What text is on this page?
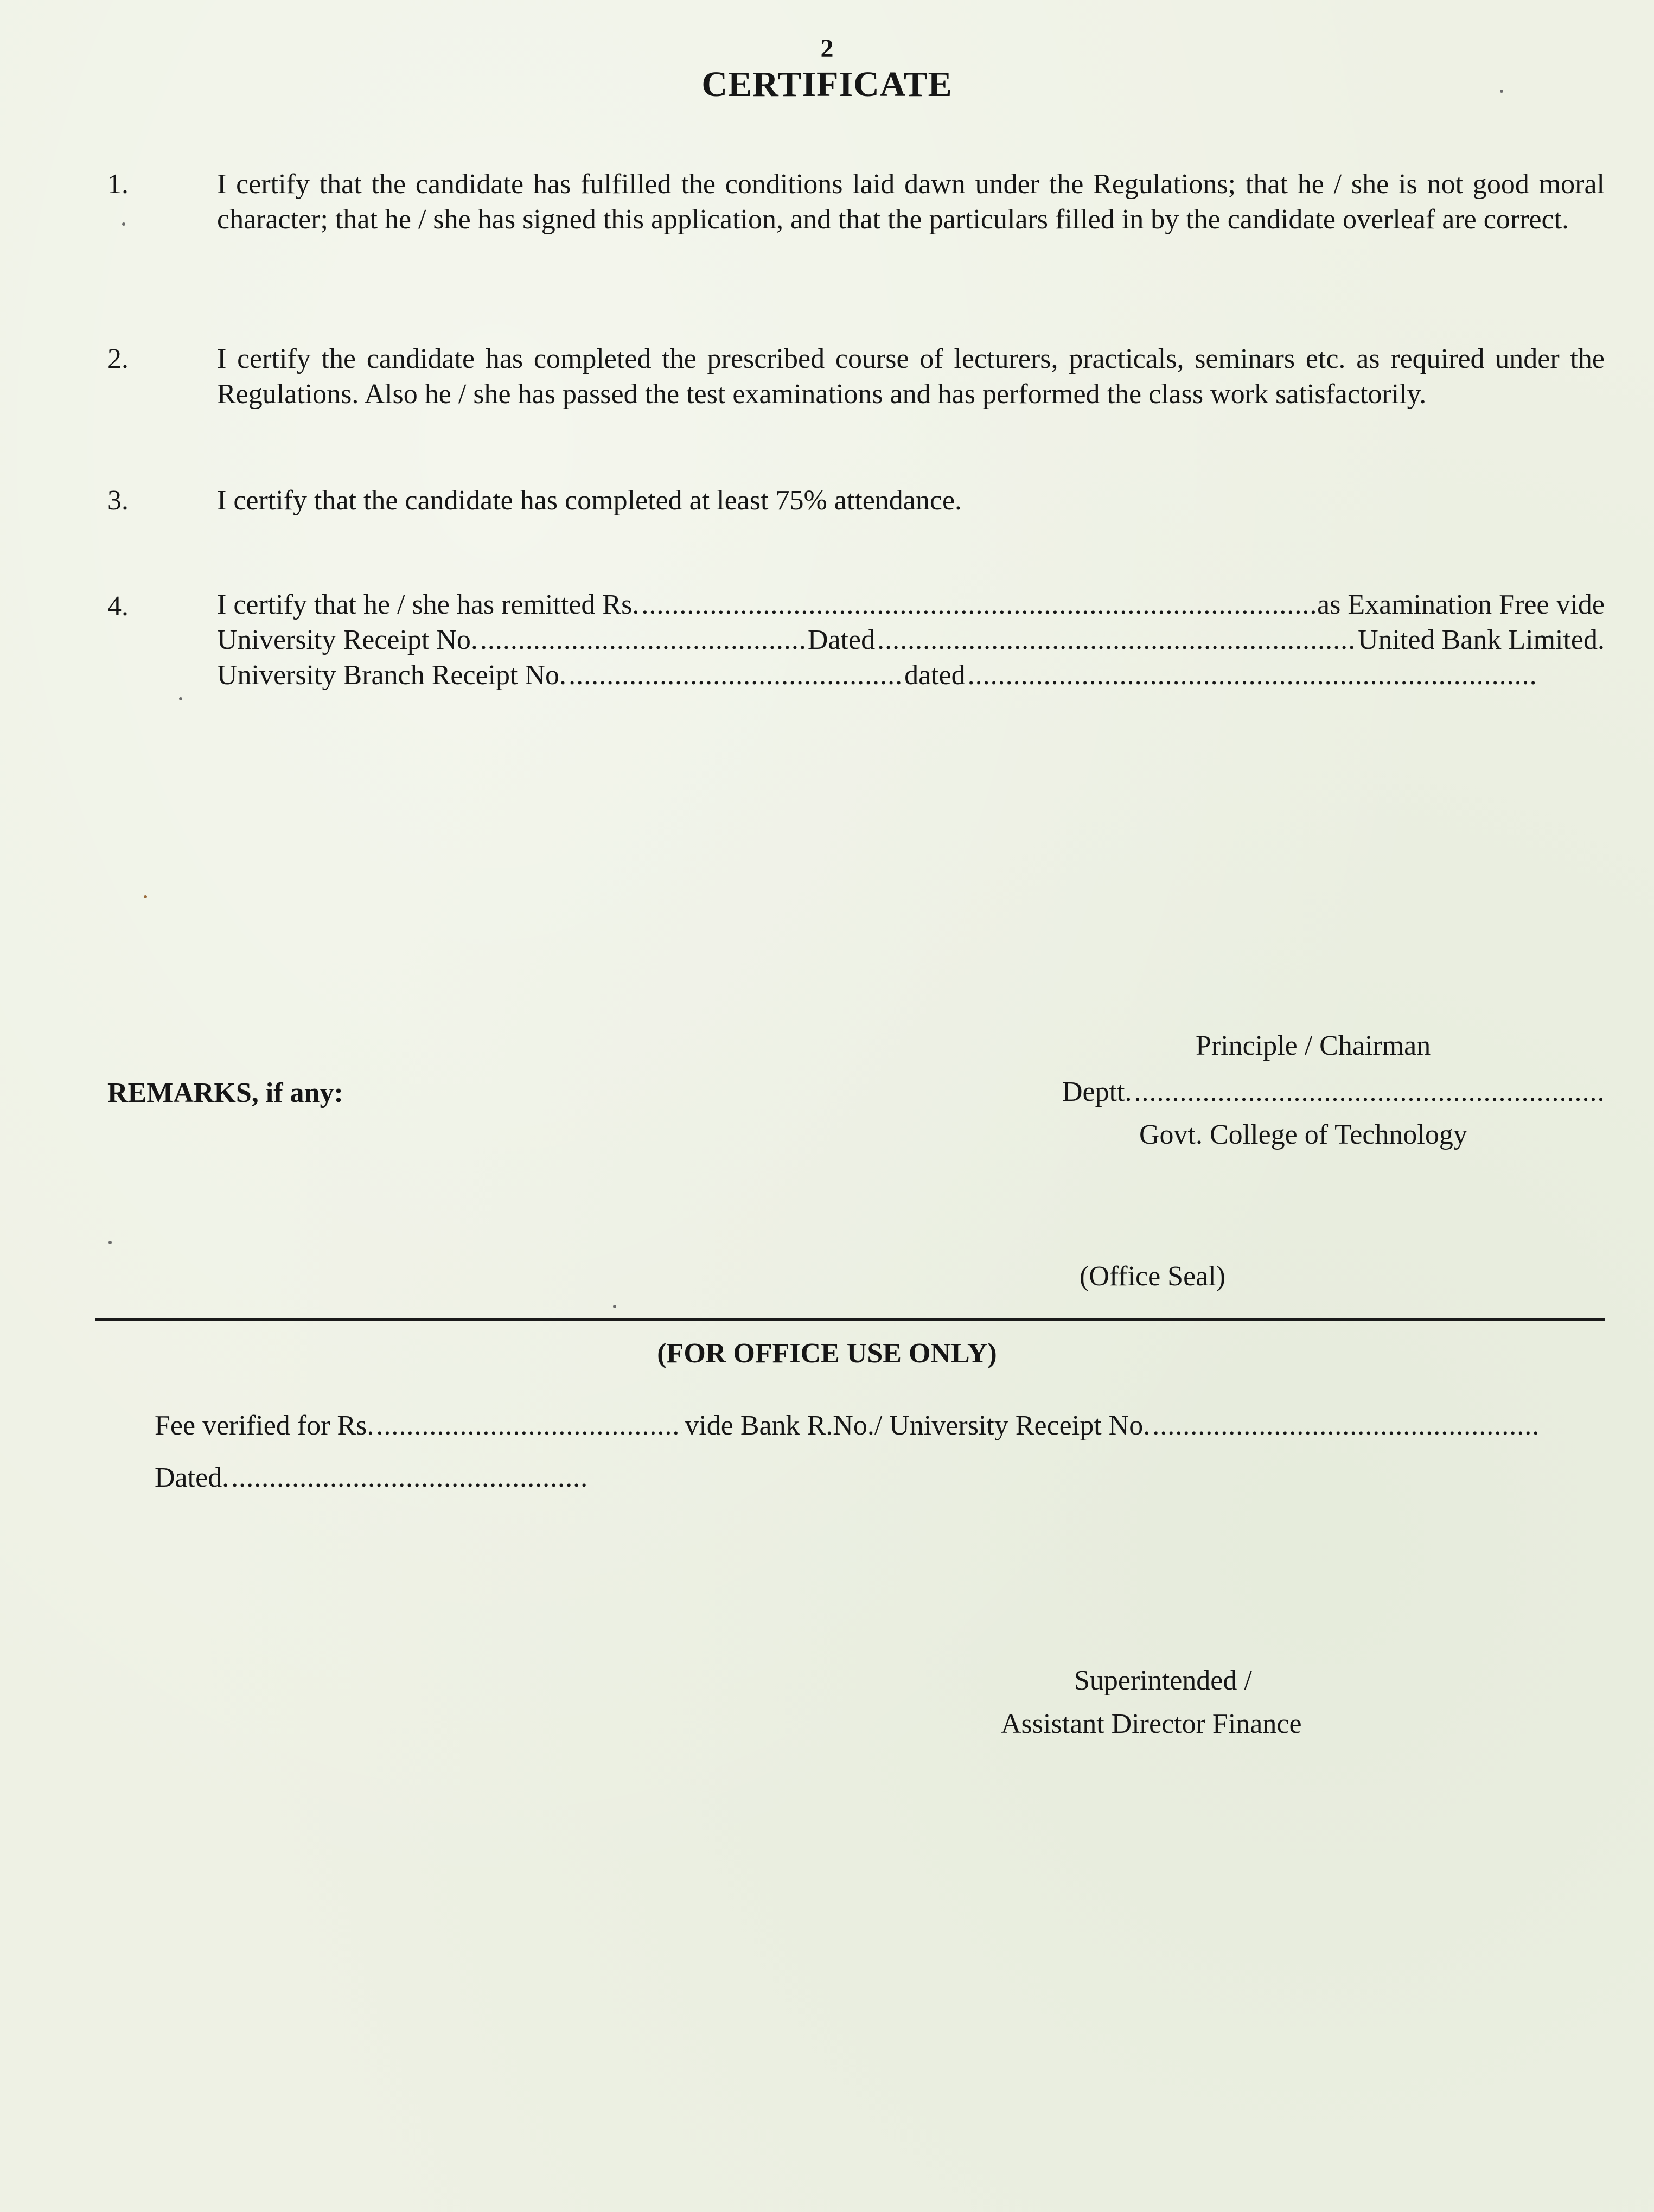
2
CERTIFICATE
1.	I certify that the candidate has fulfilled the conditions laid dawn under the Regulations; that he / she is not good moral character; that he / she has signed this application, and that the particulars filled in by the candidate overleaf are correct.
2.	I certify the candidate has completed the prescribed course of lecturers, practicals, seminars etc. as required under the Regulations. Also he / she has passed the test examinations and has performed the class work satisfactorily.
3.	I certify that the candidate has completed at least 75% attendance.
4.	I certify that he / she has remitted Rs. .....	as Examination Free vide
University Receipt No. .....	Dated .....	United Bank Limited.
University Branch Receipt No. .....	dated
.....
Principle / Chairman
REMARKS, if any:	Deptt.
.....
Govt. College of Technology
(Office Seal)
(FOR OFFICE USE ONLY)
Fee verified for Rs. .....	vide Bank R.No./ University Receipt No.
.....
Dated.
.....
Superintended /
Assistant Director Finance
